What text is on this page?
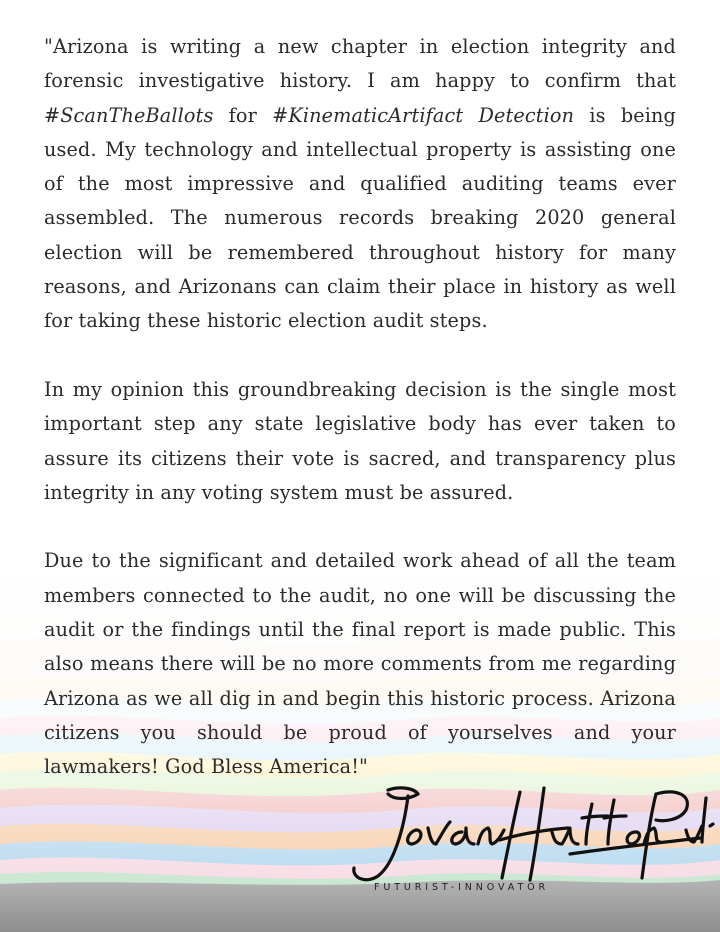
"Arizona is writing a new chapter in election integrity and forensic investigative history. I am happy to confirm that #ScanTheBallots for #KinematicArtifact Detection is being used. My technology and intellectual property is assisting one of the most impressive and qualified auditing teams ever assembled. The numerous records breaking 2020 general election will be remembered throughout history for many reasons, and Arizonans can claim their place in history as well for taking these historic election audit steps.

In my opinion this groundbreaking decision is the single most important step any state legislative body has ever taken to assure its citizens their vote is sacred, and transparency plus integrity in any voting system must be assured.

Due to the significant and detailed work ahead of all the team members connected to the audit, no one will be discussing the audit or the findings until the final report is made public. This also means there will be no more comments from me regarding Arizona as we all dig in and begin this historic process. Arizona citizens you should be proud of yourselves and your lawmakers! God Bless America!"

FUTURIST-INNOVATOR
